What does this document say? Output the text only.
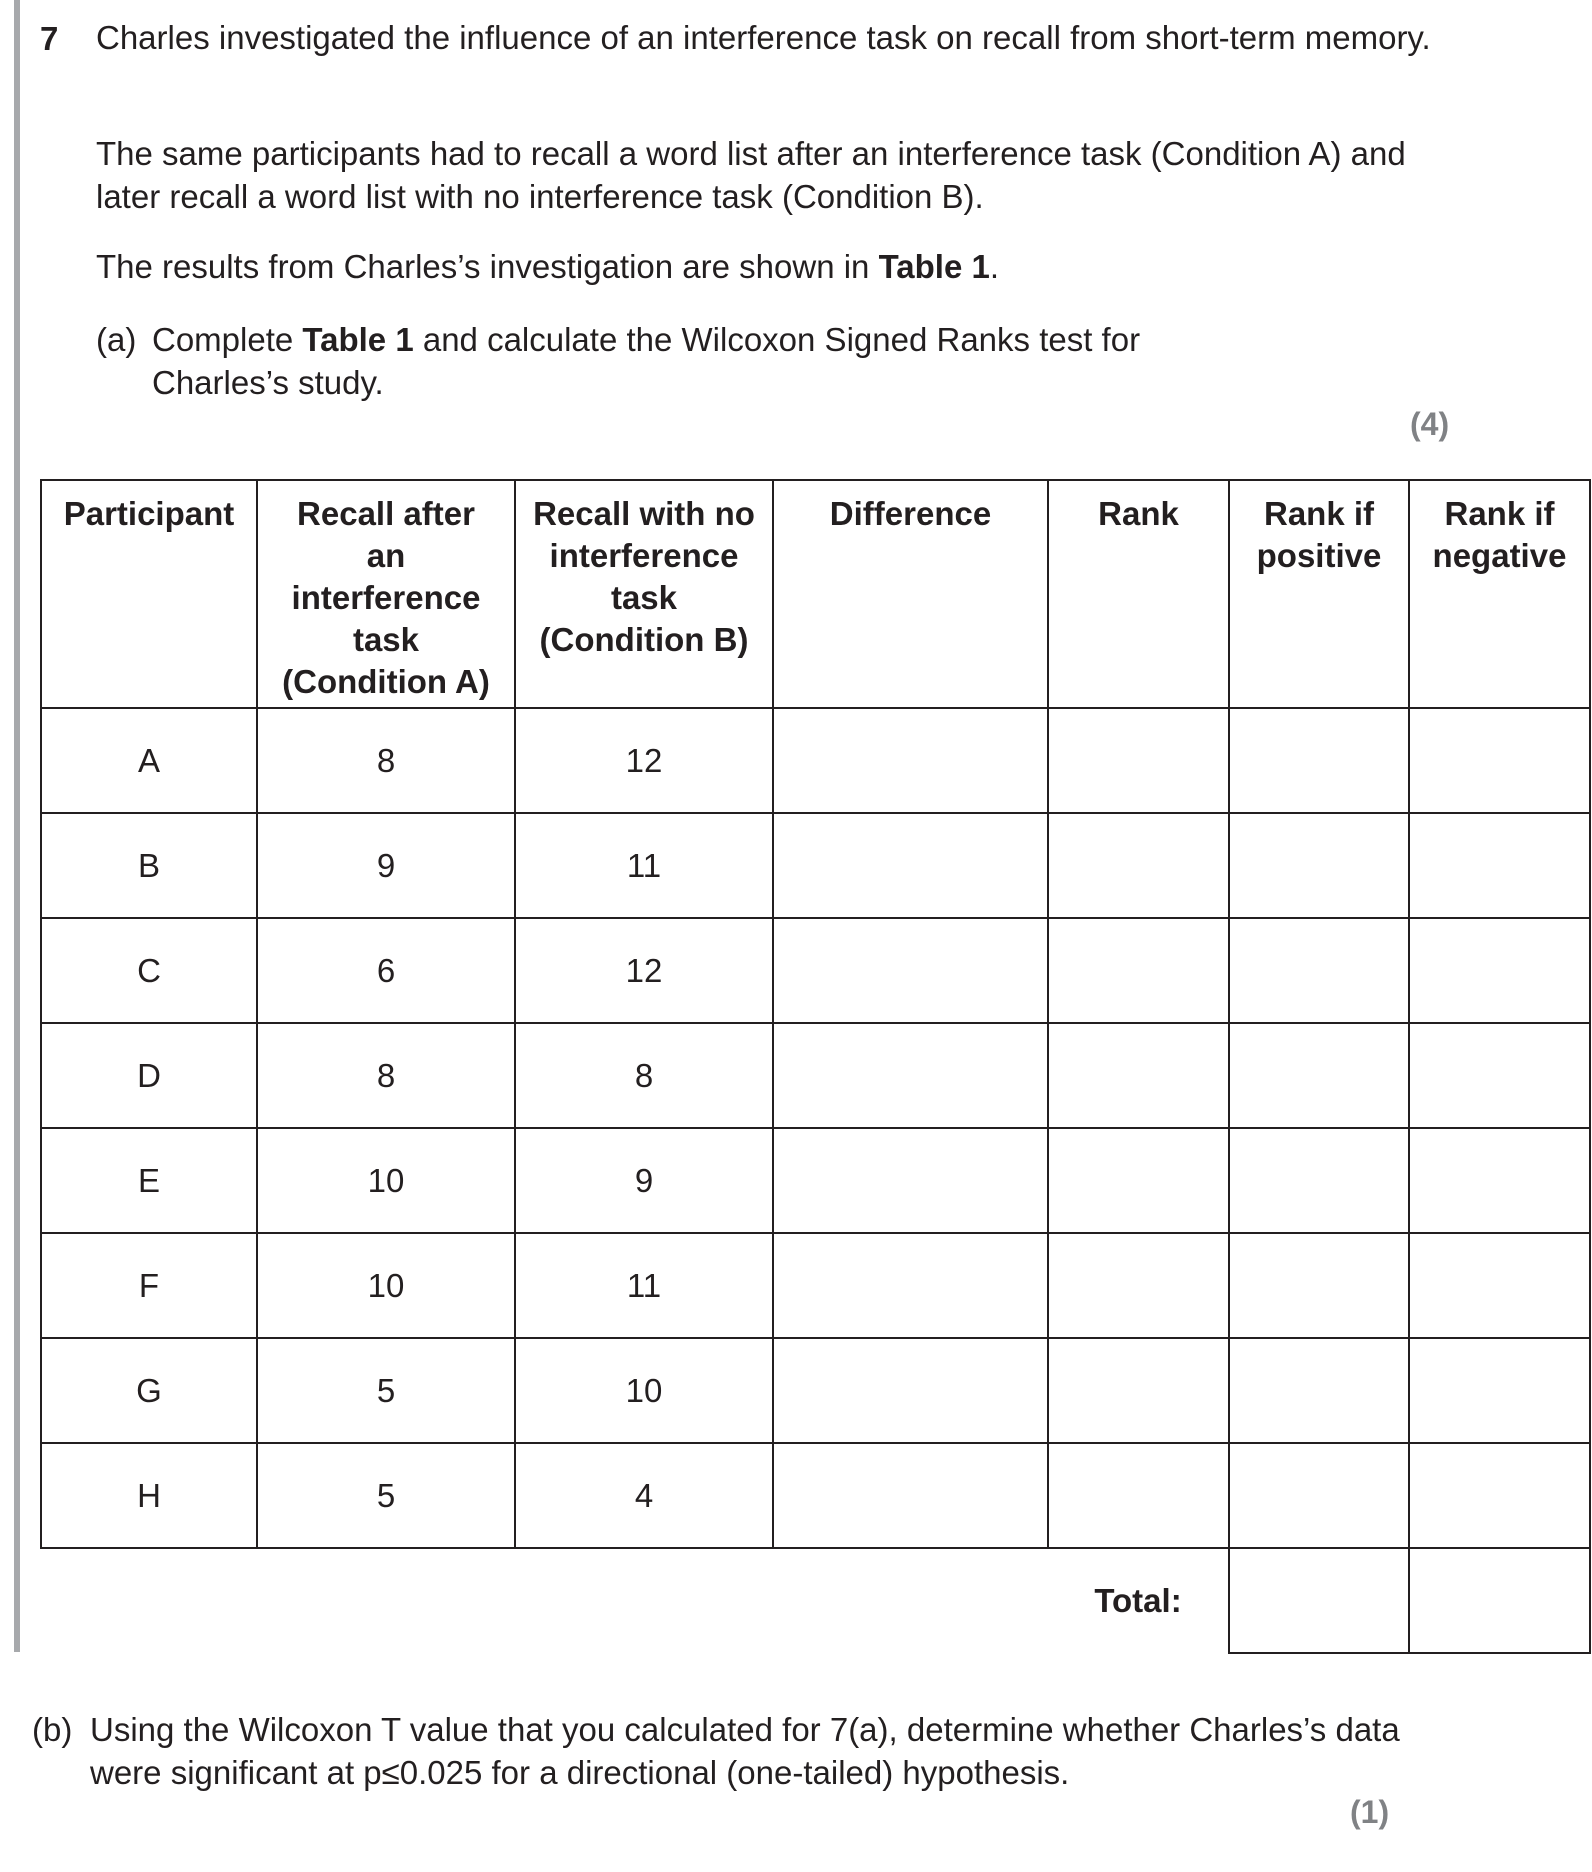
7 Charles investigated the influence of an interference task on recall from short-term memory.
The same participants had to recall a word list after an interference task (Condition A) and later recall a word list with no interference task (Condition B).
The results from Charles’s investigation are shown in Table 1.
(a) Complete Table 1 and calculate the Wilcoxon Signed Ranks test for Charles’s study.
(4)
Participant	Recall after an interference task (Condition A)	Recall with no interference task (Condition B)	Difference	Rank	Rank if positive	Rank if negative
A	8	12				
B	9	11				
C	6	12				
D	8	8				
E	10	9				
F	10	11				
G	5	10				
H	5	4				
				Total:		
(b) Using the Wilcoxon T value that you calculated for 7(a), determine whether Charles’s data were significant at p≤0.025 for a directional (one-tailed) hypothesis.
(1)
